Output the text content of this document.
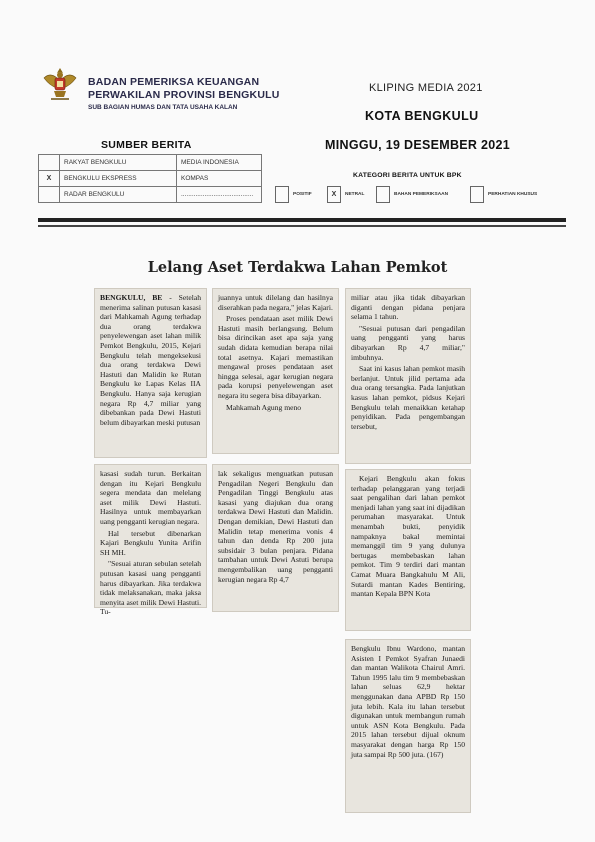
BADAN PEMERIKSA KEUANGAN
PERWAKILAN PROVINSI BENGKULU
SUB BAGIAN HUMAS DAN TATA USAHA KALAN
KLIPING MEDIA 2021
KOTA BENGKULU
SUMBER BERITA	MINGGU, 19 DESEMBER 2021
	RAKYAT BENGKULU	MEDIA INDONESIA
X	BENGKULU EKSPRESS	KOMPAS
	RADAR BENGKULU	........................................
KATEGORI BERITA UNTUK BPK
POSITIF	X	NETRAL	BAHAN PEMERIKSAAN	PERHATIAN KHUSUS
Lelang Aset Terdakwa Lahan Pemkot

BENGKULU, BE - Setelah menerima salinan putusan kasasi dari Mahkamah Agung terhadap dua orang terdakwa penyelewengan aset lahan milik Pemkot Bengkulu, 2015, Kejari Bengkulu telah mengeksekusi dua orang terdakwa Dewi Hastuti dan Malidin ke Rutan Bengkulu ke Lapas Kelas IIA Bengkulu. Hanya saja kerugian negara Rp 4,7 miliar yang dibebankan pada Dewi Hastuti belum dibayarkan meski putusan

juannya untuk dilelang dan hasilnya diserahkan pada negara," jelas Kajari.

Proses pendataan aset milik Dewi Hastuti masih berlangsung. Belum bisa dirincikan aset apa saja yang sudah didata kemudian berapa nilai total asetnya. Kajari memastikan mengawal proses pendataan aset hingga selesai, agar kerugian negara pada korupsi penyelewengan aset negara itu segera bisa dibayarkan.

Mahkamah Agung meno

miliar atau jika tidak dibayarkan diganti dengan pidana penjara selama 1 tahun.

"Sesuai putusan dari pengadilan uang pengganti yang harus dibayarkan Rp 4,7 miliar," imbuhnya.

Saat ini kasus lahan pemkot masih berlanjut. Untuk jilid pertama ada dua orang tersangka. Pada lanjutkan kasus lahan pemkot, pidsus Kejari Bengkulu telah menaikkan ketahap penyidikan. Pada pengembangan tersebut,

kasasi sudah turun. Berkaitan dengan itu Kejari Bengkulu segera mendata dan melelang aset milik Dewi Hastuti. Hasilnya untuk membayarkan uang pengganti kerugian negara.

Hal tersebut dibenarkan Kajari Bengkulu Yunita Arifin SH MH.

"Sesuai aturan sebulan setelah putusan kasasi uang pengganti harus dibayarkan. Jika terdakwa tidak melaksanakan, maka jaksa menyita aset milik Dewi Hastuti. Tu-

lak sekaligus menguatkan putusan Pengadilan Negeri Bengkulu dan Pengadilan Tinggi Bengkulu atas kasasi yang diajukan dua orang terdakwa Dewi Hastuti dan Malidin. Dengan demikian, Dewi Hastuti dan Malidin tetap menerima vonis 4 tahun dan denda Rp 200 juta subsidair 3 bulan penjara. Pidana tambahan untuk Dewi Astuti berupa mengembalikan uang pengganti kerugian negara Rp 4,7

Kejari Bengkulu akan fokus terhadap pelanggaran yang terjadi saat pengalihan dari lahan pemkot menjadi lahan yang saat ini dijadikan perumahan masyarakat. Untuk menambah bukti, penyidik nampaknya bakal memintai memanggil tim 9 yang dulunya bertugas membebaskan lahan pemkot. Tim 9 terdiri dari mantan Camat Muara Bangkahulu M Ali, Sutardi mantan Kades Bentiring, mantan Kepala BPN Kota

Bengkulu Ibnu Wardono, mantan Asisten I Pemkot Syafran Junaedi dan mantan Walikota Chairul Amri. Tahun 1995 lalu tim 9 membebaskan lahan seluas 62,9 hektar menggunakan dana APBD Rp 150 juta lebih. Kala itu lahan tersebut digunakan untuk membangun rumah untuk ASN Kota Bengkulu. Pada 2015 lahan tersebut dijual oknum masyarakat dengan harga Rp 150 juta sampai Rp 500 juta. (167)
